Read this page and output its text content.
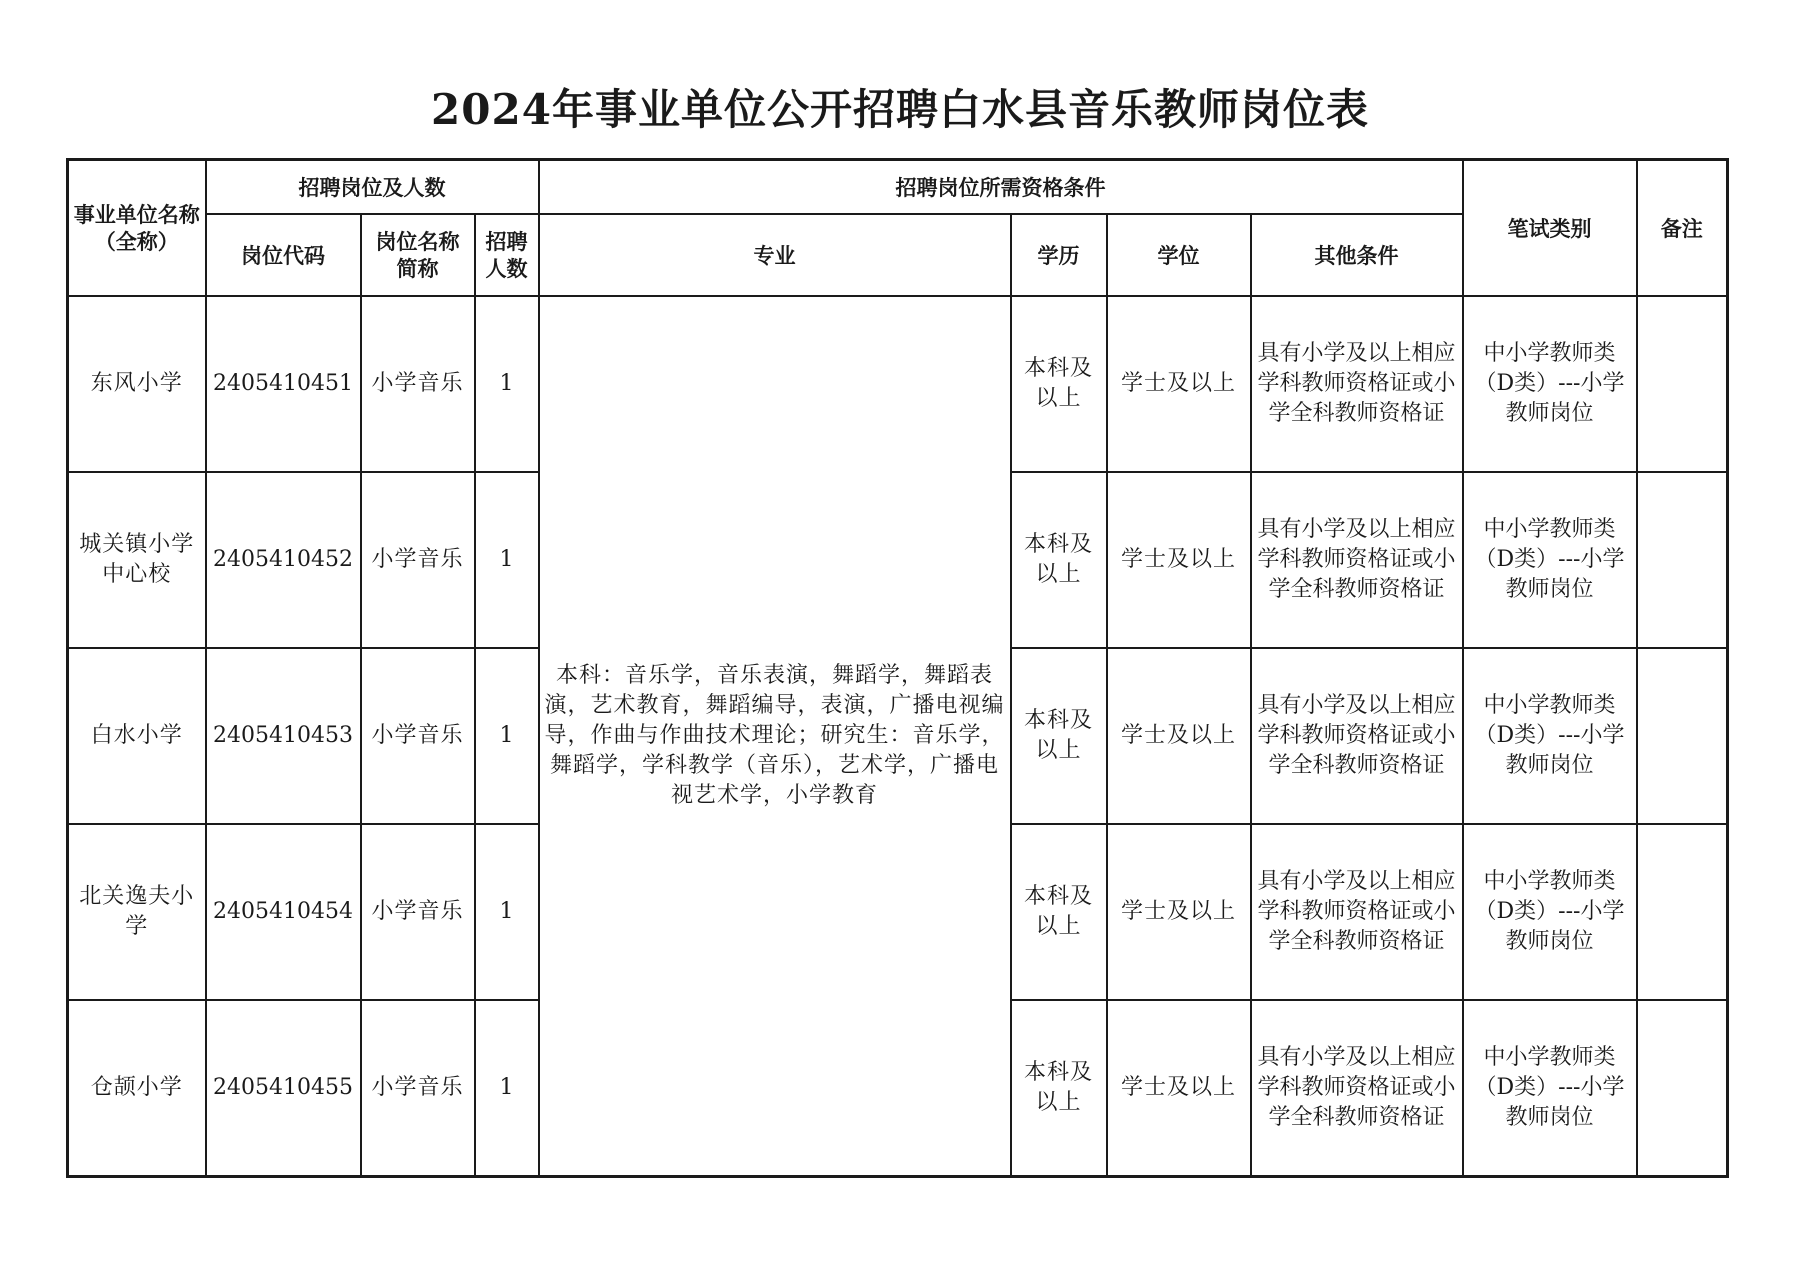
2024年事业单位公开招聘白水县音乐教师岗位表
事业单位名称（全称）	招聘岗位及人数			招聘岗位所需资格条件				笔试类别	备注
	岗位代码	岗位名称简称	招聘人数	专业	学历	学位	其他条件		
东风小学	2405410451	小学音乐	1	本科：音乐学，音乐表演，舞蹈学，舞蹈表演，艺术教育，舞蹈编导，表演，广播电视编导，作曲与作曲技术理论；研究生：音乐学，舞蹈学，学科教学（音乐），艺术学，广播电视艺术学，小学教育	本科及以上	学士及以上	具有小学及以上相应学科教师资格证或小学全科教师资格证	中小学教师类（D类）---小学教师岗位	
城关镇小学中心校	2405410452	小学音乐	1		本科及以上	学士及以上	具有小学及以上相应学科教师资格证或小学全科教师资格证	中小学教师类（D类）---小学教师岗位	
白水小学	2405410453	小学音乐	1		本科及以上	学士及以上	具有小学及以上相应学科教师资格证或小学全科教师资格证	中小学教师类（D类）---小学教师岗位	
北关逸夫小学	2405410454	小学音乐	1		本科及以上	学士及以上	具有小学及以上相应学科教师资格证或小学全科教师资格证	中小学教师类（D类）---小学教师岗位	
仓颉小学	2405410455	小学音乐	1		本科及以上	学士及以上	具有小学及以上相应学科教师资格证或小学全科教师资格证	中小学教师类（D类）---小学教师岗位	
